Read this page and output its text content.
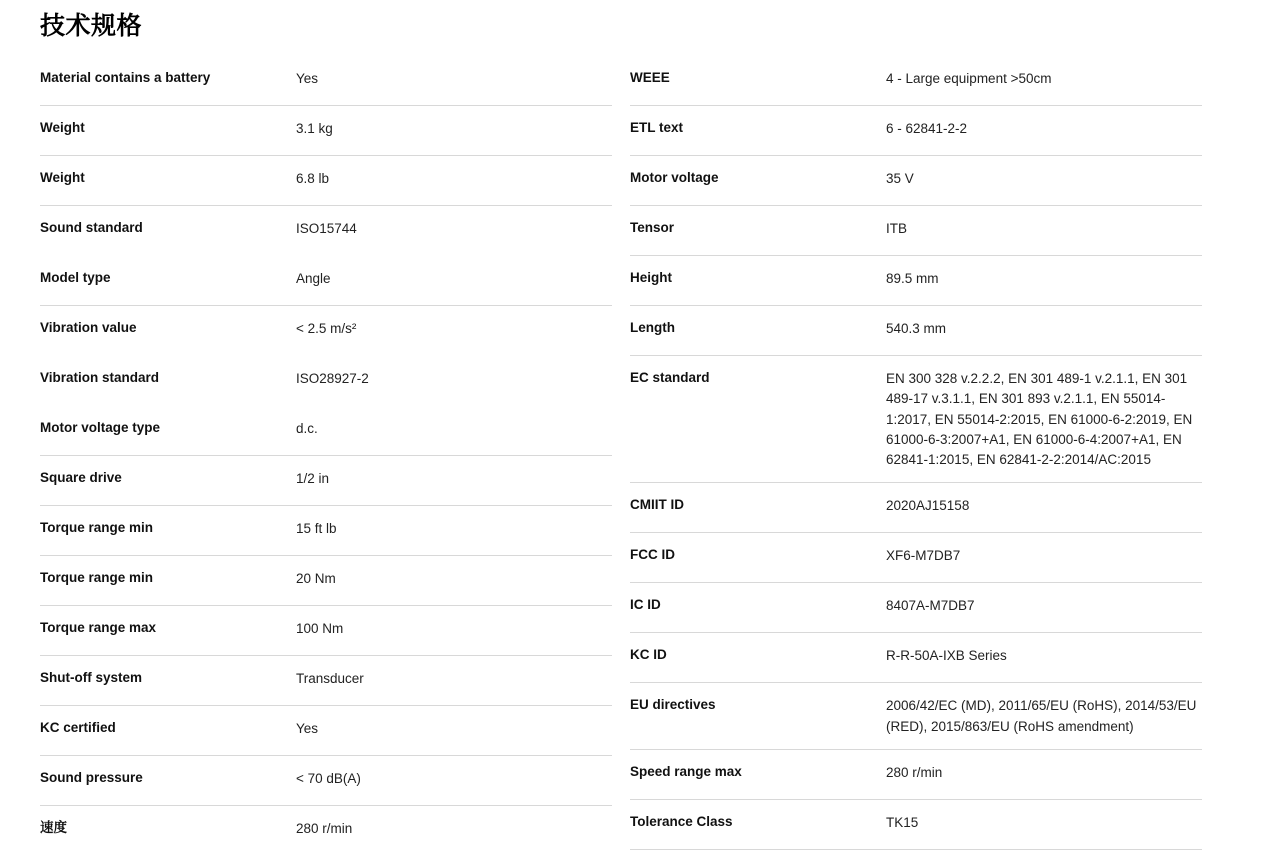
技术规格
Material contains a battery	Yes
Weight	3.1 kg
Weight	6.8 lb
Sound standard	ISO15744
Model type	Angle
Vibration value	< 2.5 m/s²
Vibration standard	ISO28927-2
Motor voltage type	d.c.
Square drive	1/2 in
Torque range min	15 ft lb
Torque range min	20 Nm
Torque range max	100 Nm
Shut-off system	Transducer
KC certified	Yes
Sound pressure	< 70 dB(A)
速度	280 r/min
WEEE	4 - Large equipment >50cm
ETL text	6 - 62841-2-2
Motor voltage	35 V
Tensor	ITB
Height	89.5 mm
Length	540.3 mm
EC standard	EN 300 328 v.2.2.2, EN 301 489-1 v.2.1.1, EN 301 489-17 v.3.1.1, EN 301 893 v.2.1.1, EN 55014-1:2017, EN 55014-2:2015, EN 61000-6-2:2019, EN 61000-6-3:2007+A1, EN 61000-6-4:2007+A1, EN 62841-1:2015, EN 62841-2-2:2014/AC:2015
CMIIT ID	2020AJ15158
FCC ID	XF6-M7DB7
IC ID	8407A-M7DB7
KC ID	R-R-50A-IXB Series
EU directives	2006/42/EC (MD), 2011/65/EU (RoHS), 2014/53/EU (RED), 2015/863/EU (RoHS amendment)
Speed range max	280 r/min
Tolerance Class	TK15
